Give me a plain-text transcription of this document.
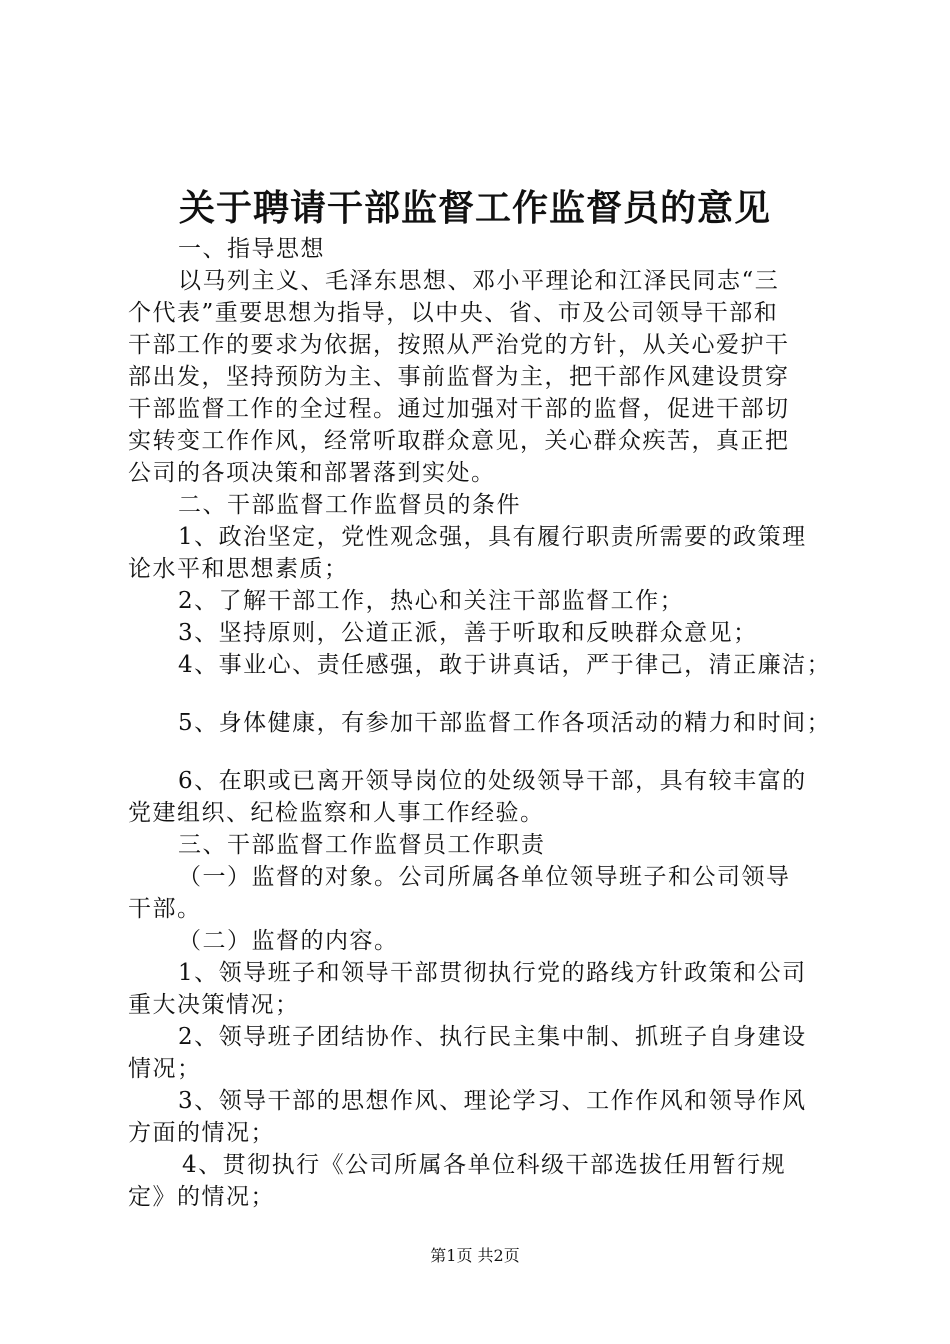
关于聘请干部监督工作监督员的意见
一、指导思想
以马列主义、毛泽东思想、邓小平理论和江泽民同志“三
个代表”重要思想为指导，以中央、省、市及公司领导干部和
干部工作的要求为依据，按照从严治党的方针，从关心爱护干
部出发，坚持预防为主、事前监督为主，把干部作风建设贯穿
干部监督工作的全过程。通过加强对干部的监督，促进干部切
实转变工作作风，经常听取群众意见，关心群众疾苦，真正把
公司的各项决策和部署落到实处。
二、干部监督工作监督员的条件
1、政治坚定，党性观念强，具有履行职责所需要的政策理
论水平和思想素质；
2、了解干部工作，热心和关注干部监督工作；
3、坚持原则，公道正派，善于听取和反映群众意见；
4、事业心、责任感强，敢于讲真话，严于律己，清正廉洁；
5、身体健康，有参加干部监督工作各项活动的精力和时间；
6、在职或已离开领导岗位的处级领导干部，具有较丰富的
党建组织、纪检监察和人事工作经验。
三、干部监督工作监督员工作职责
（一）监督的对象。公司所属各单位领导班子和公司领导
干部。
（二）监督的内容。
1、领导班子和领导干部贯彻执行党的路线方针政策和公司
重大决策情况；
2、领导班子团结协作、执行民主集中制、抓班子自身建设
情况；
3、领导干部的思想作风、理论学习、工作作风和领导作风
方面的情况；
4、贯彻执行《公司所属各单位科级干部选拔任用暂行规
定》的情况；
第1页 共2页
